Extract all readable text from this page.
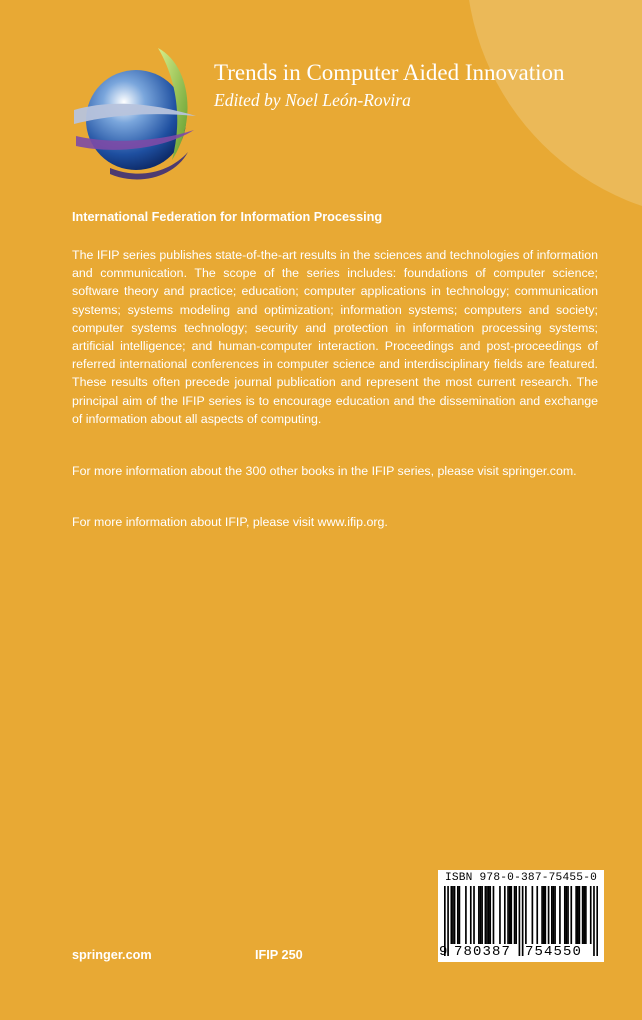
Trends in Computer Aided Innovation
Edited by Noel León-Rovira
International Federation for Information Processing

The IFIP series publishes state-of-the-art results in the sciences and technologies of information and communication. The scope of the series includes: foundations of computer science; software theory and practice; education; computer applications in technology; communication systems; systems modeling and optimization; information systems; computers and society; computer systems technology; security and protection in information processing systems; artificial intelligence; and human-computer interaction. Proceedings and post-proceedings of referred international conferences in computer science and interdisciplinary fields are featured. These results often precede journal publication and represent the most current research. The principal aim of the IFIP series is to encourage education and the dissemination and exchange of information about all aspects of computing.

For more information about the 300 other books in the IFIP series, please visit springer.com.

For more information about IFIP, please visit www.ifip.org.

springer.com	IFIP 250
ISBN 978-0-387-75455-0
9 780387 754550
